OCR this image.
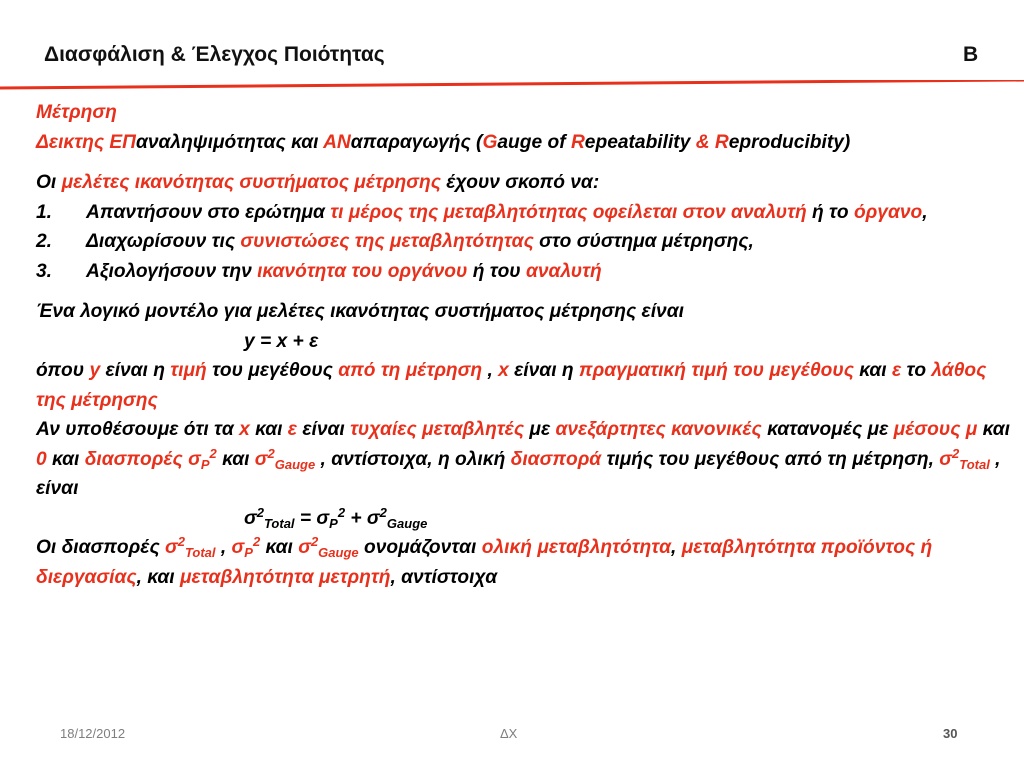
Διασφάλιση & Έλεγχος Ποιότητας	B

Μέτρηση

Δεικτης ΕΠαναληψιμότητας και ΑΝαπαραγωγής (Gauge of Repeatability & Reproducibity)

Οι μελέτες ικανότητας συστήματος μέτρησης έχουν σκοπό να:

1. Απαντήσουν στο ερώτημα τι μέρος της μεταβλητότητας οφείλεται στον αναλυτή ή το όργανο,
2. Διαχωρίσουν τις συνιστώσες της μεταβλητότητας στο σύστημα μέτρησης,
3. Αξιολογήσουν την ικανότητα του οργάνου ή του αναλυτή

Ένα λογικό μοντέλο για μελέτες ικανότητας συστήματος μέτρησης είναι

y = x + ε

όπου y είναι η τιμή του μεγέθους από τη μέτρηση , x είναι η πραγματική τιμή του μεγέθους και ε το λάθος της μέτρησης

Αν υποθέσουμε ότι τα x και ε είναι τυχαίες μεταβλητές με ανεξάρτητες κανονικές κατανομές με μέσους μ και 0 και διασπορές $\sigma_P^2$ και $\sigma^2_{Gauge}$ , αντίστοιχα, η ολική διασπορά τιμής του μεγέθους από τη μέτρηση, $\sigma^2_{Total}$ , είναι

$\sigma^2_{Total} = \sigma_P^2 + \sigma^2_{Gauge}$

Οι διασπορές $\sigma^2_{Total}$ , $\sigma_P^2$ και $\sigma^2_{Gauge}$ ονομάζονται ολική μεταβλητότητα, μεταβλητότητα προϊόντος ή διεργασίας, και μεταβλητότητα μετρητή, αντίστοιχα

18/12/2012	ΔΧ	30
